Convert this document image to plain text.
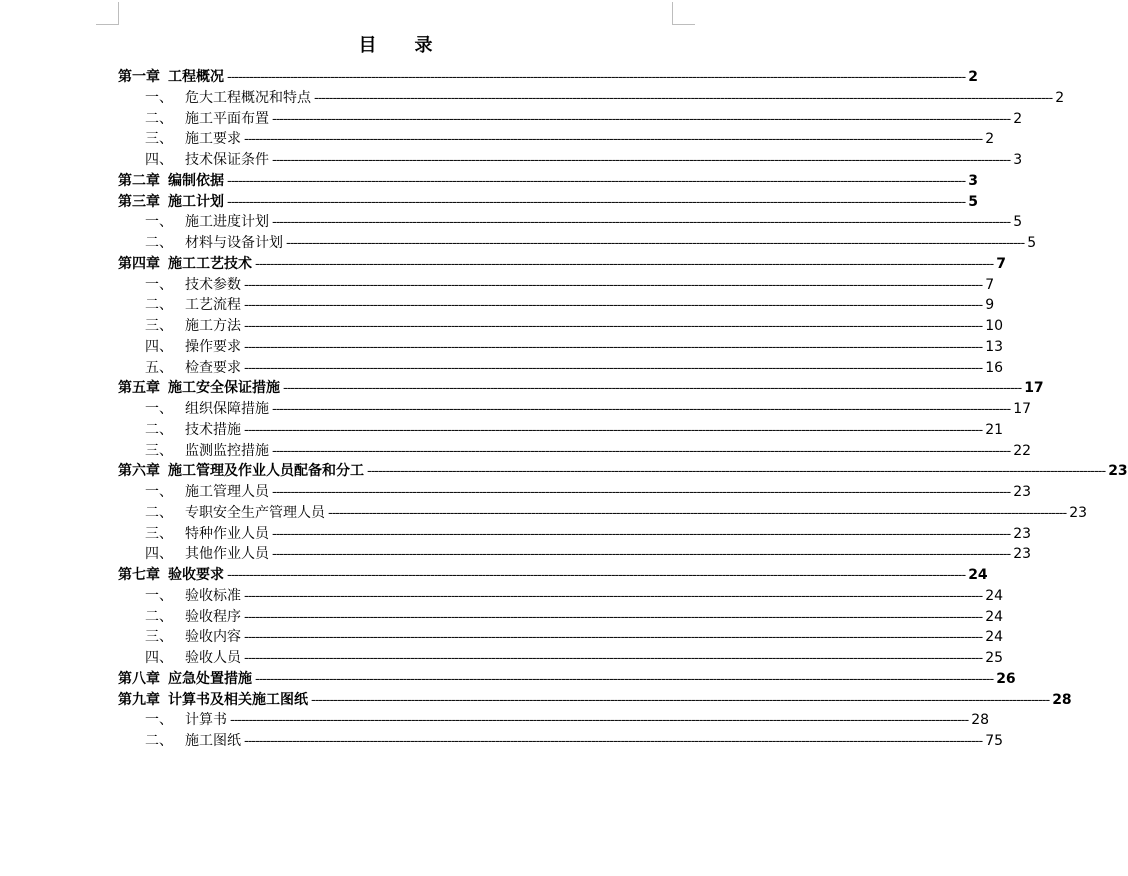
目 录
第一章 工程概况 -------------------------------------------------------------------------------------------------------------------------------------------------------------------------------------------------------- 2
一、 危大工程概况和特点 -------------------------------------------------------------------------------------------------------------------------------------------------------------------------------------------------------- 2
二、 施工平面布置 -------------------------------------------------------------------------------------------------------------------------------------------------------------------------------------------------------- 2
三、 施工要求 -------------------------------------------------------------------------------------------------------------------------------------------------------------------------------------------------------- 2
四、 技术保证条件 -------------------------------------------------------------------------------------------------------------------------------------------------------------------------------------------------------- 3
第二章 编制依据 -------------------------------------------------------------------------------------------------------------------------------------------------------------------------------------------------------- 3
第三章 施工计划 -------------------------------------------------------------------------------------------------------------------------------------------------------------------------------------------------------- 5
一、 施工进度计划 -------------------------------------------------------------------------------------------------------------------------------------------------------------------------------------------------------- 5
二、 材料与设备计划 -------------------------------------------------------------------------------------------------------------------------------------------------------------------------------------------------------- 5
第四章 施工工艺技术 -------------------------------------------------------------------------------------------------------------------------------------------------------------------------------------------------------- 7
一、 技术参数 -------------------------------------------------------------------------------------------------------------------------------------------------------------------------------------------------------- 7
二、 工艺流程 -------------------------------------------------------------------------------------------------------------------------------------------------------------------------------------------------------- 9
三、 施工方法 -------------------------------------------------------------------------------------------------------------------------------------------------------------------------------------------------------- 10
四、 操作要求 -------------------------------------------------------------------------------------------------------------------------------------------------------------------------------------------------------- 13
五、 检查要求 -------------------------------------------------------------------------------------------------------------------------------------------------------------------------------------------------------- 16
第五章 施工安全保证措施 -------------------------------------------------------------------------------------------------------------------------------------------------------------------------------------------------------- 17
一、 组织保障措施 -------------------------------------------------------------------------------------------------------------------------------------------------------------------------------------------------------- 17
二、 技术措施 -------------------------------------------------------------------------------------------------------------------------------------------------------------------------------------------------------- 21
三、 监测监控措施 -------------------------------------------------------------------------------------------------------------------------------------------------------------------------------------------------------- 22
第六章 施工管理及作业人员配备和分工 -------------------------------------------------------------------------------------------------------------------------------------------------------------------------------------------------------- 23
一、 施工管理人员 -------------------------------------------------------------------------------------------------------------------------------------------------------------------------------------------------------- 23
二、 专职安全生产管理人员 -------------------------------------------------------------------------------------------------------------------------------------------------------------------------------------------------------- 23
三、 特种作业人员 -------------------------------------------------------------------------------------------------------------------------------------------------------------------------------------------------------- 23
四、 其他作业人员 -------------------------------------------------------------------------------------------------------------------------------------------------------------------------------------------------------- 23
第七章 验收要求 -------------------------------------------------------------------------------------------------------------------------------------------------------------------------------------------------------- 24
一、 验收标准 -------------------------------------------------------------------------------------------------------------------------------------------------------------------------------------------------------- 24
二、 验收程序 -------------------------------------------------------------------------------------------------------------------------------------------------------------------------------------------------------- 24
三、 验收内容 -------------------------------------------------------------------------------------------------------------------------------------------------------------------------------------------------------- 24
四、 验收人员 -------------------------------------------------------------------------------------------------------------------------------------------------------------------------------------------------------- 25
第八章 应急处置措施 -------------------------------------------------------------------------------------------------------------------------------------------------------------------------------------------------------- 26
第九章 计算书及相关施工图纸 -------------------------------------------------------------------------------------------------------------------------------------------------------------------------------------------------------- 28
一、 计算书 -------------------------------------------------------------------------------------------------------------------------------------------------------------------------------------------------------- 28
二、 施工图纸 -------------------------------------------------------------------------------------------------------------------------------------------------------------------------------------------------------- 75
